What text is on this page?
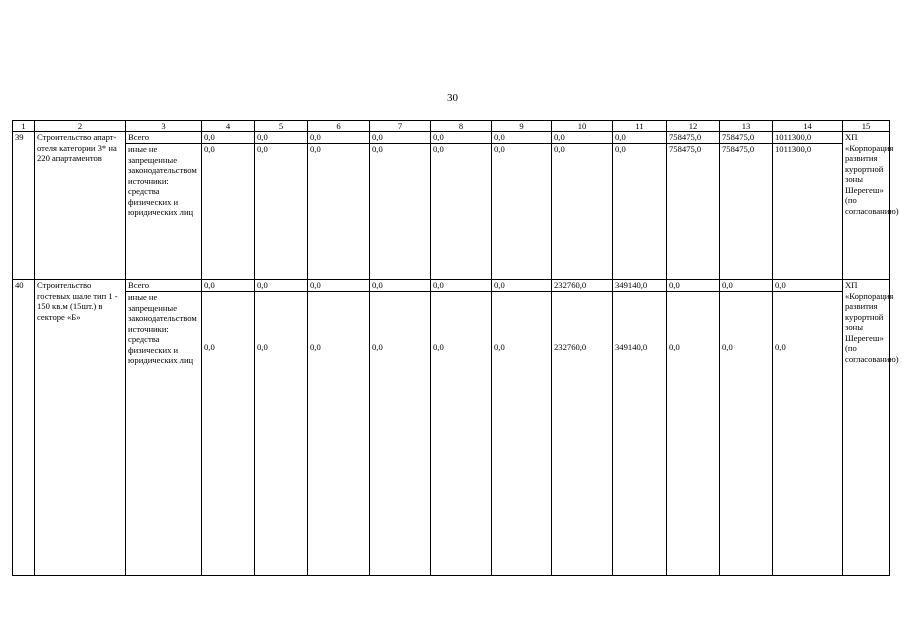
30
1	2	3	4	5	6	7	8	9	10	11	12	13	14	15
39	Строительство апарт-отеля категории 3* на 220 апартаментов	Всего	0,0	0,0	0,0	0,0	0,0	0,0	0,0	0,0	758475,0	758475,0	1011300,0	ХП «Корпорация развития курортной зоны Шерегеш» (по согласованию)
		иные не запрещенные законодательством источники: средства физических и юридических лиц	0,0	0,0	0,0	0,0	0,0	0,0	0,0	0,0	758475,0	758475,0	1011300,0	
40	Строительство гостевых шале тип 1 - 150 кв.м (15шт.) в секторе «Б»	Всего	0,0	0,0	0,0	0,0	0,0	0,0	232760,0	349140,0	0,0	0,0	0,0	ХП «Корпорация развития курортной зоны Шерегеш» (по согласованию)
		иные не запрещенные законодательством источники: средства физических и юридических лиц	0,0	0,0	0,0	0,0	0,0	0,0	232760,0	349140,0	0,0	0,0	0,0	
